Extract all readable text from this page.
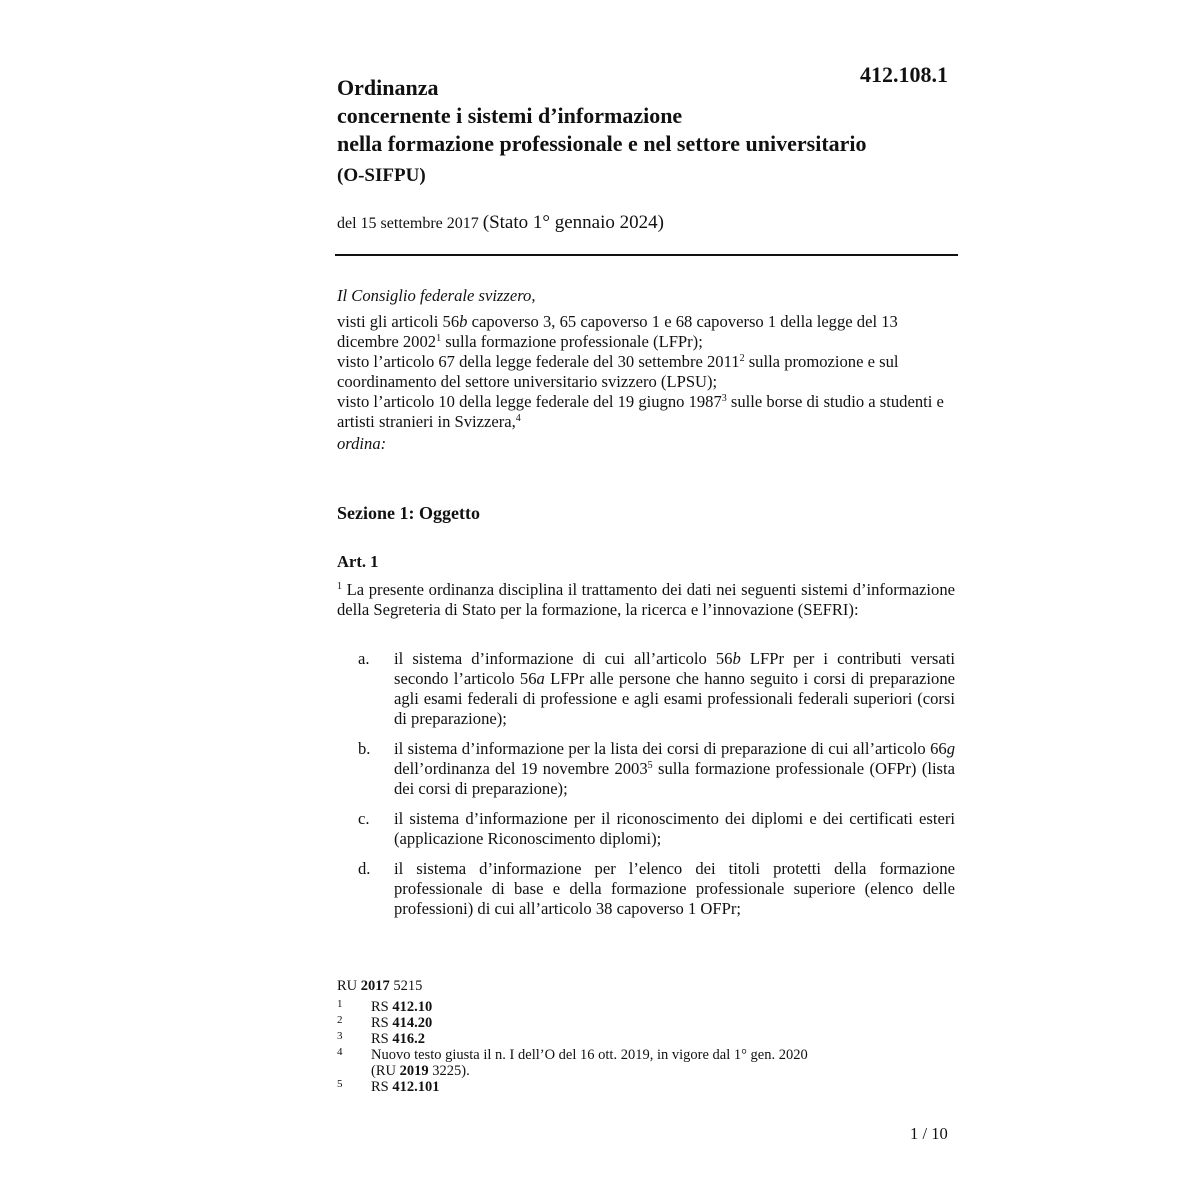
412.108.1
Ordinanza
concernente i sistemi d’informazione
nella formazione professionale e nel settore universitario
(O-SIFPU)
del 15 settembre 2017 (Stato 1° gennaio 2024)

Il Consiglio federale svizzero,

visti gli articoli 56b capoverso 3, 65 capoverso 1 e 68 capoverso 1 della legge del 13 dicembre 2002$^1$ sulla formazione professionale (LFPr);

visto l’articolo 67 della legge federale del 30 settembre 2011$^2$ sulla promozione e sul coordinamento del settore universitario svizzero (LPSU);

visto l’articolo 10 della legge federale del 19 giugno 1987$^3$ sulle borse di studio a studenti e artisti stranieri in Svizzera,$^4$

ordina:

Sezione 1: Oggetto
Art. 1
$^1$ La presente ordinanza disciplina il trattamento dei dati nei seguenti sistemi d’informazione della Segreteria di Stato per la formazione, la ricerca e l’innovazione (SEFRI):
a. il sistema d’informazione di cui all’articolo 56b LFPr per i contributi versati secondo l’articolo 56a LFPr alle persone che hanno seguito i corsi di preparazione agli esami federali di professione e agli esami professionali federali superiori (corsi di preparazione);
b. il sistema d’informazione per la lista dei corsi di preparazione di cui all’articolo 66g dell’ordinanza del 19 novembre 2003$^5$ sulla formazione professionale (OFPr) (lista dei corsi di preparazione);
c. il sistema d’informazione per il riconoscimento dei diplomi e dei certificati esteri (applicazione Riconoscimento diplomi);
d. il sistema d’informazione per l’elenco dei titoli protetti della formazione professionale di base e della formazione professionale superiore (elenco delle professioni) di cui all’articolo 38 capoverso 1 OFPr;
RU 2017 5215
1 RS 412.10
2 RS 414.20
3 RS 416.2
4 Nuovo testo giusta il n. I dell’O del 16 ott. 2019, in vigore dal 1° gen. 2020
(RU 2019 3225).
5 RS 412.101
1 / 10
